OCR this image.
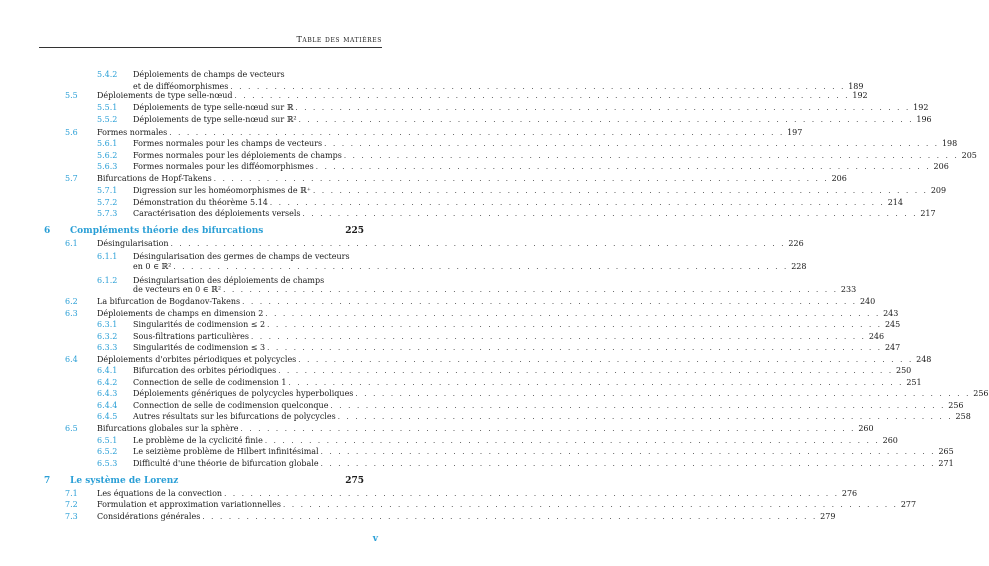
Table des matières
5.4.2 Déploiements de champs de vecteurs
et de difféomorphismes . . .	189
5.5 Déploiements de type selle-nœud . . .	192
5.5.1 Déploiements de type selle-nœud sur ℝ . . .	192
5.5.2 Déploiements de type selle-nœud sur ℝ² . . .	196
5.6 Formes normales . . .	197
5.6.1 Formes normales pour les champs de vecteurs . . .	198
5.6.2 Formes normales pour les déploiements de champs . . .	205
5.6.3 Formes normales pour les difféomorphismes . . .	206
5.7 Bifurcations de Hopf-Takens . . .	206
5.7.1 Digression sur les homéomorphismes de ℝ⁺ . . .	209
5.7.2 Démonstration du théorème 5.14 . . .	214
5.7.3 Caractérisation des déploiements versels . . .	217
6 Compléments théorie des bifurcations	225
6.1 Désingularisation . . .	226
6.1.1 Désingularisation des germes de champs de vecteurs
en 0 ∈ ℝ² . . .	228
6.1.2 Désingularisation des déploiements de champs
de vecteurs en 0 ∈ ℝ² . . .	233
6.2 La bifurcation de Bogdanov-Takens . . .	240
6.3 Déploiements de champs en dimension 2 . . .	243
6.3.1 Singularités de codimension ≤ 2 . . .	245
6.3.2 Sous-filtrations particulières . . .	246
6.3.3 Singularités de codimension ≤ 3 . . .	247
6.4 Déploiements d'orbites périodiques et polycycles . . .	248
6.4.1 Bifurcation des orbites périodiques . . .	250
6.4.2 Connection de selle de codimension 1 . . .	251
6.4.3 Déploiements génériques de polycycles hyperboliques . . .	256
6.4.4 Connection de selle de codimension quelconque . . .	256
6.4.5 Autres résultats sur les bifurcations de polycycles . . .	258
6.5 Bifurcations globales sur la sphère . . .	260
6.5.1 Le problème de la cyclicité finie . . .	260
6.5.2 Le seizième problème de Hilbert infinitésimal . . .	265
6.5.3 Difficulté d'une théorie de bifurcation globale . . .	271
7 Le système de Lorenz	275
7.1 Les équations de la convection . . .	276
7.2 Formulation et approximation variationnelles . . .	277
7.3 Considérations générales . . .	279
v
